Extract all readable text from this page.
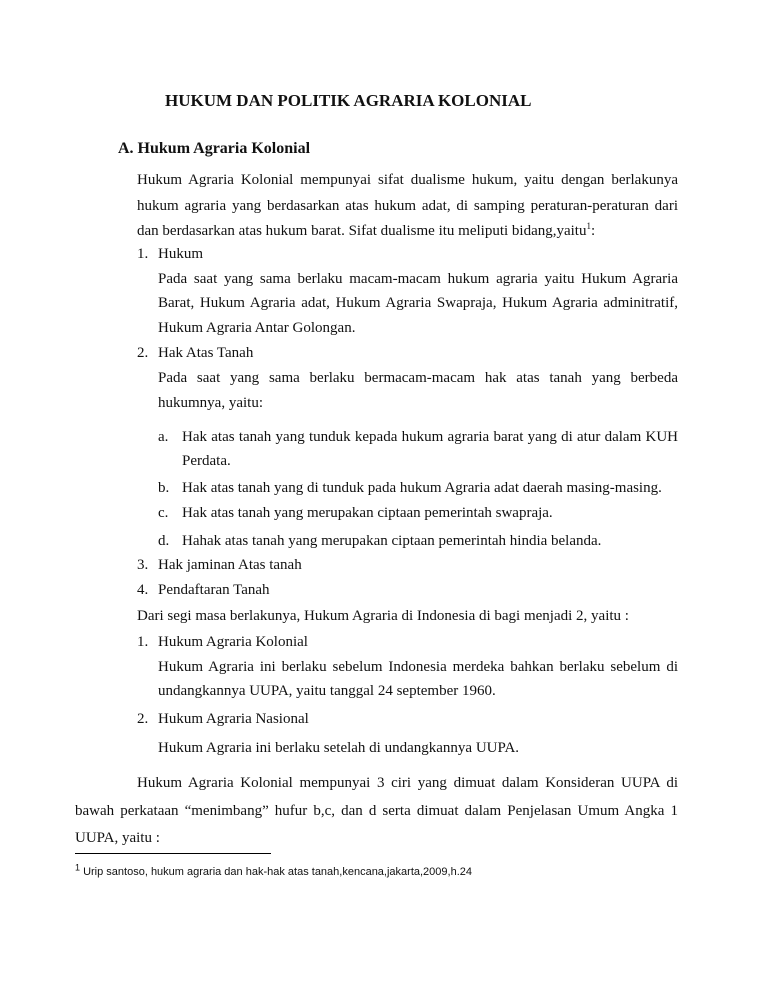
HUKUM DAN POLITIK AGRARIA KOLONIAL
A. Hukum Agraria Kolonial
Hukum Agraria Kolonial mempunyai sifat dualisme hukum, yaitu dengan berlakunya
hukum agraria yang berdasarkan atas hukum adat, di samping peraturan-peraturan dari
dan berdasarkan atas hukum barat. Sifat dualisme itu meliputi bidang,yaitu$^1$:
1. Hukum
Pada saat yang sama berlaku macam-macam hukum agraria yaitu Hukum Agraria
Barat, Hukum Agraria adat, Hukum Agraria Swapraja, Hukum Agraria adminitratif,
Hukum Agraria Antar Golongan.
2. Hak Atas Tanah
Pada saat yang sama berlaku bermacam-macam hak atas tanah yang berbeda
hukumnya, yaitu:
a. Hak atas tanah yang tunduk kepada hukum agraria barat yang di atur dalam KUH
Perdata.
b. Hak atas tanah yang di tunduk pada hukum Agraria adat daerah masing-masing.
c. Hak atas tanah yang merupakan ciptaan pemerintah swapraja.
d. Hahak atas tanah yang merupakan ciptaan pemerintah hindia belanda.
3. Hak jaminan Atas tanah
4. Pendaftaran Tanah
Dari segi masa berlakunya, Hukum Agraria di Indonesia di bagi menjadi 2, yaitu :
1. Hukum Agraria Kolonial
Hukum Agraria ini berlaku sebelum Indonesia merdeka bahkan berlaku sebelum di
undangkannya UUPA, yaitu tanggal 24 september 1960.
2. Hukum Agraria Nasional
Hukum Agraria ini berlaku setelah di undangkannya UUPA.
Hukum Agraria Kolonial mempunyai 3 ciri yang dimuat dalam Konsideran UUPA di
bawah perkataan “menimbang” hufur b,c, dan d serta dimuat dalam Penjelasan Umum Angka 1
UUPA, yaitu :
$^1$ Urip santoso, hukum agraria dan hak-hak atas tanah,kencana,jakarta,2009,h.24
